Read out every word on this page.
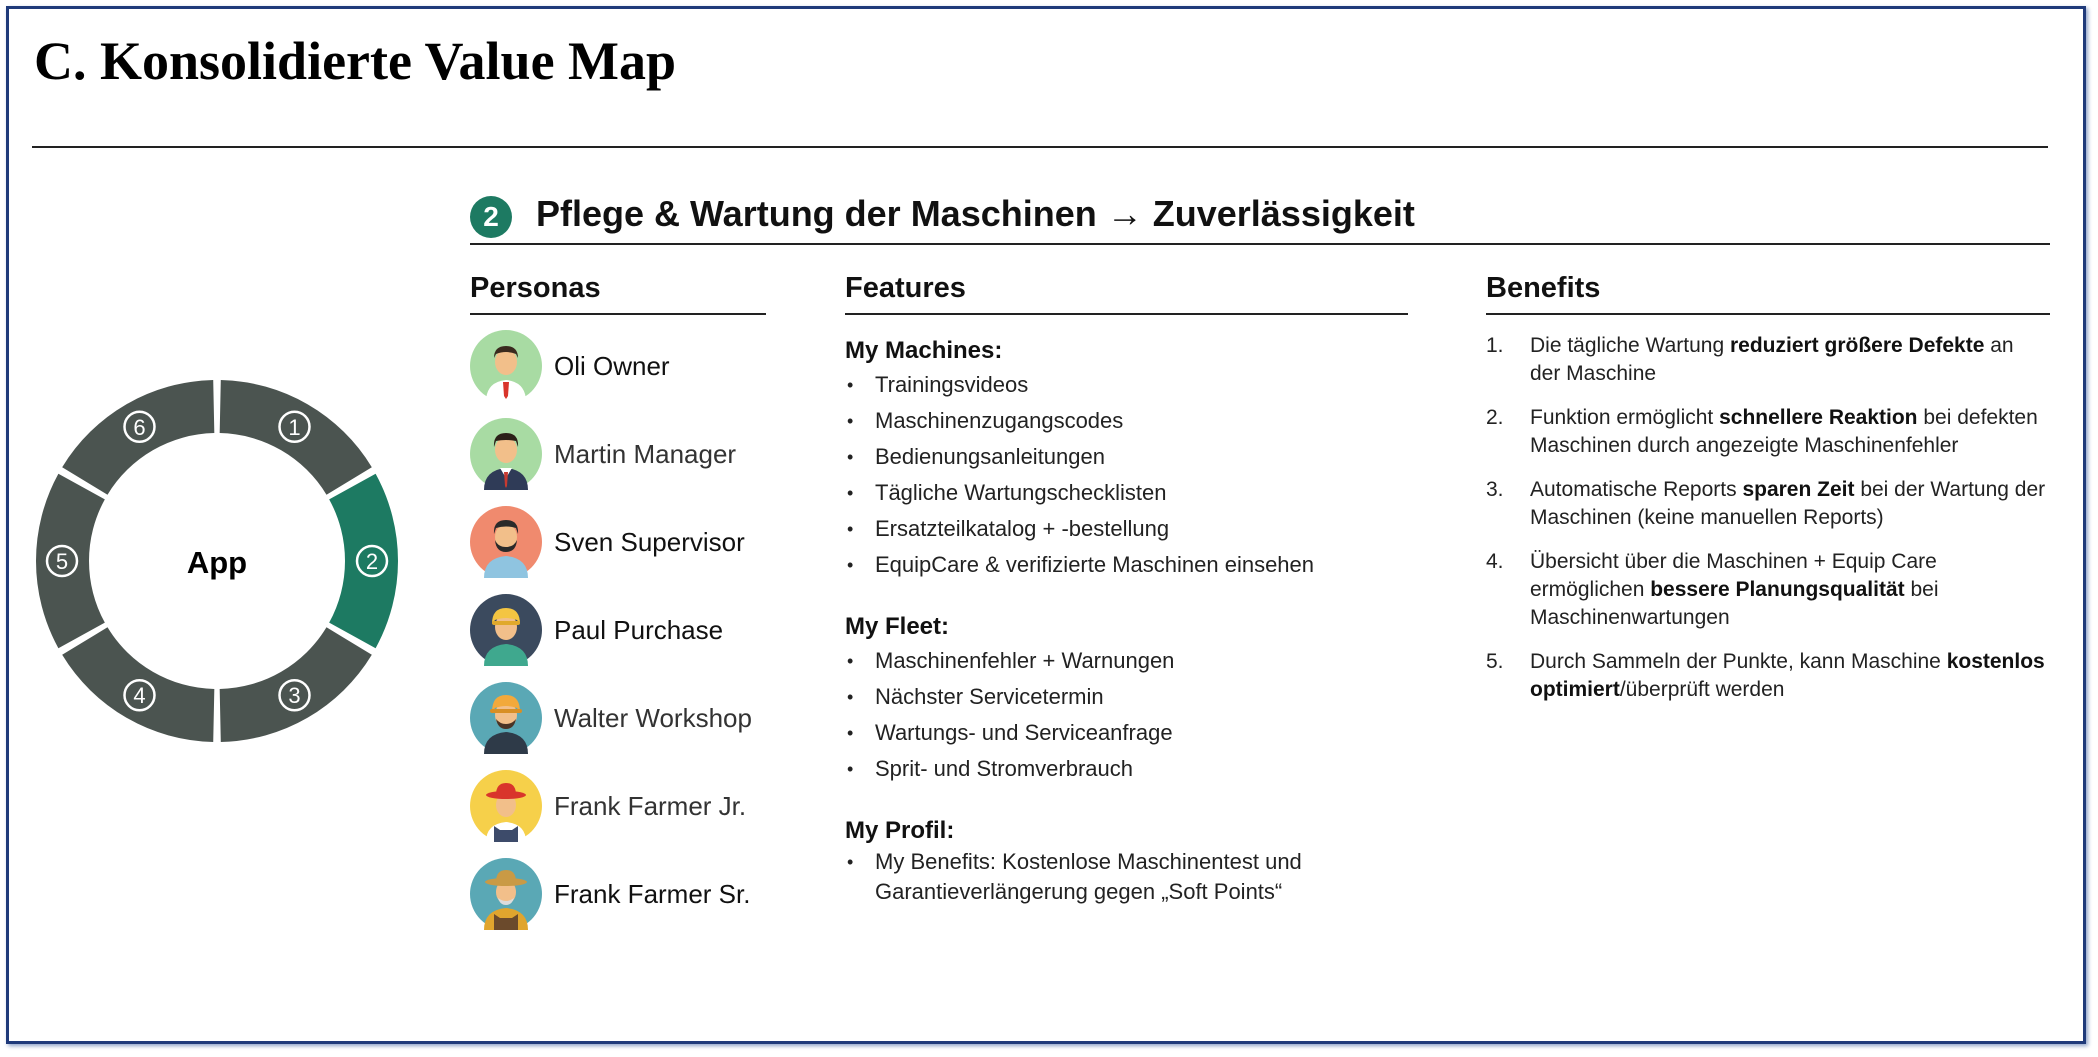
C. Konsolidierte Value Map
App
1
2
3
4
5
6
2	Pflege & Wartung der Maschinen → Zuverlässigkeit
Personas	Features	Benefits
Oli Owner
Martin Manager
Sven Supervisor
Paul Purchase
Walter Workshop
Frank Farmer Jr.
Frank Farmer Sr.
My Machines:
• Trainingsvideos
• Maschinenzugangscodes
• Bedienungsanleitungen
• Tägliche Wartungschecklisten
• Ersatzteilkatalog + -bestellung
• EquipCare & verifizierte Maschinen einsehen
My Fleet:
• Maschinenfehler + Warnungen
• Nächster Servicetermin
• Wartungs- und Serviceanfrage
• Sprit- und Stromverbrauch
My Profil:
• My Benefits: Kostenlose Maschinentest und Garantieverlängerung gegen „Soft Points“
1. Die tägliche Wartung reduziert größere Defekte an der Maschine
2. Funktion ermöglicht schnellere Reaktion bei defekten Maschinen durch angezeigte Maschinenfehler
3. Automatische Reports sparen Zeit bei der Wartung der Maschinen (keine manuellen Reports)
4. Übersicht über die Maschinen + Equip Care ermöglichen bessere Planungsqualität bei Maschinenwartungen
5. Durch Sammeln der Punkte, kann Maschine kostenlos optimiert/überprüft werden
